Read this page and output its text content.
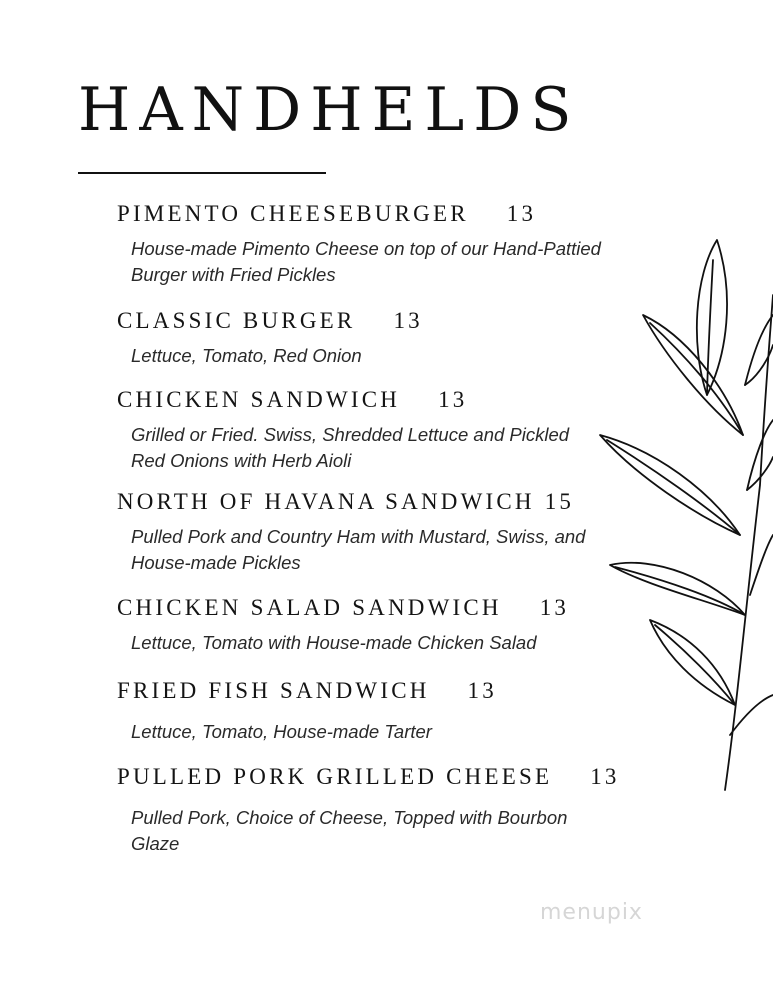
HANDHELDS
PIMENTO CHEESEBURGER 13
House-made Pimento Cheese on top of our Hand-Pattied Burger with Fried Pickles
CLASSIC BURGER 13
Lettuce, Tomato, Red Onion
CHICKEN SANDWICH 13
Grilled or Fried. Swiss, Shredded Lettuce and Pickled Red Onions with Herb Aioli
NORTH OF HAVANA SANDWICH 15
Pulled Pork and Country Ham with Mustard, Swiss, and House-made Pickles
CHICKEN SALAD SANDWICH 13
Lettuce, Tomato with House-made Chicken Salad
FRIED FISH SANDWICH 13
Lettuce, Tomato, House-made Tarter
PULLED PORK GRILLED CHEESE 13
Pulled Pork, Choice of Cheese, Topped with Bourbon Glaze
menupix
